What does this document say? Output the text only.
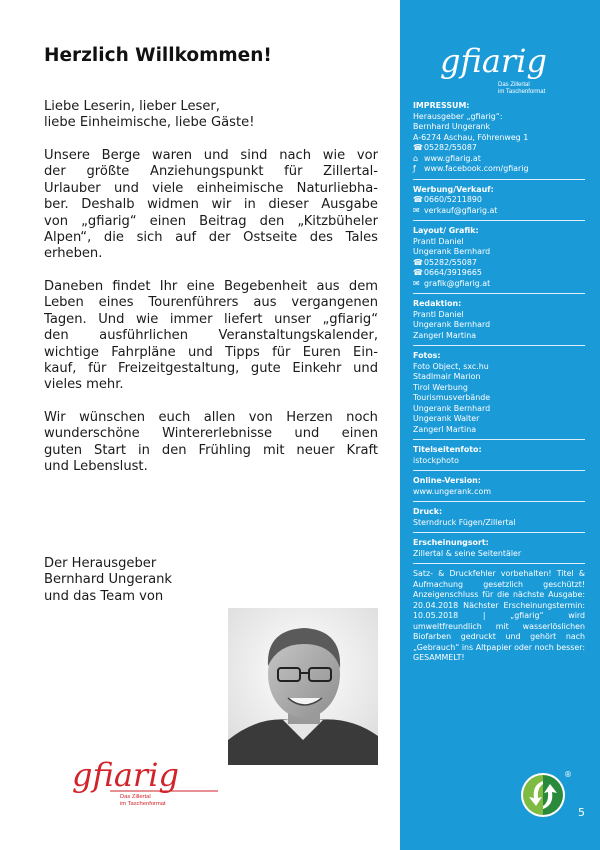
Herzlich Willkommen!

Liebe Leserin, lieber Leser,
liebe Einheimische, liebe Gäste!

Unsere Berge waren und sind nach wie vor
der größte Anziehungspunkt für Zillertal-
Urlauber und viele einheimische Naturliebha-
ber. Deshalb widmen wir in dieser Ausgabe
von „gfiarig“ einen Beitrag den „Kitzbüheler
Alpen“, die sich auf der Ostseite des Tales
erheben.

Daneben findet Ihr eine Begebenheit aus dem
Leben eines Tourenführers aus vergangenen
Tagen. Und wie immer liefert unser „gfiarig“
den ausführlichen Veranstaltungskalender,
wichtige Fahrpläne und Tipps für Euren Ein-
kauf, für Freizeitgestaltung, gute Einkehr und
vieles mehr.

Wir wünschen euch allen von Herzen noch
wunderschöne Wintererlebnisse und einen
guten Start in den Frühling mit neuer Kraft
und Lebenslust.

Der Herausgeber
Bernhard Ungerank
und das Team von

gfiarig
Das Zillertal
im Taschenformat
gfiarig
Das Zillertal
im Taschenformat
IMPRESSUM:
Herausgeber „gfiarig“:
Bernhard Ungerank
A-6274 Aschau, Föhrenweg 1
☎05282/55087
⌂ www.gfiarig.at
ƒ www.facebook.com/gfiarig
Werbung/Verkauf:
☎0660/5211890
✉ verkauf@gfiarig.at
Layout/ Grafik:
Prantl Daniel
Ungerank Bernhard
☎05282/55087
☎0664/3919665
✉ grafik@gfiarig.at
Redaktion:
Prantl Daniel
Ungerank Bernhard
Zangerl Martina
Fotos:
Foto Object, sxc.hu
Stadlmair Marion
Tirol Werbung
Tourismusverbände
Ungerank Bernhard
Ungerank Walter
Zangerl Martina
Titelseitenfoto:
istockphoto
Online-Version:
www.ungerank.com
Druck:
Sterndruck Fügen/Zillertal
Erscheinungsort:
Zillertal & seine Seitentäler
Satz- & Druckfehler vorbehalten! Titel & Aufmachung gesetzlich geschützt! Anzeigenschluss für die nächste Ausgabe: 20.04.2018 Nächster Erscheinungstermin: 10.05.2018 | „gfiarig“ wird umweltfreundlich mit wasserlöslichen Biofarben gedruckt und gehört nach „Gebrauch“ ins Altpapier oder noch besser: GESAMMELT!
®
5
